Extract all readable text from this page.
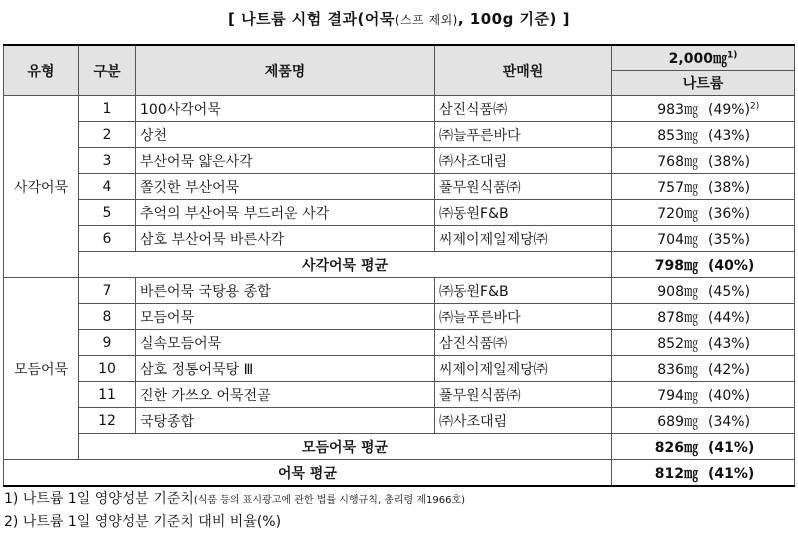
[ 나트륨 시험 결과(어묵(스프 제외), 100g 기준) ]
유형	구분	제품명	판매원	2,000㎎$^{1)}$
				나트륨
사각어묵	1	100사각어묵	삼진식품㈜	983㎎ $(49\%)^{2)}$
	2	상천	㈜늘푸른바다	853㎎ (43%)
	3	부산어묵 얇은사각	㈜사조대림	768㎎ (38%)
	4	쫄깃한 부산어묵	풀무원식품㈜	757㎎ (38%)
	5	추억의 부산어묵 부드러운 사각	㈜동원F&B	720㎎ (36%)
	6	삼호 부산어묵 바른사각	씨제이제일제당㈜	704㎎ (35%)
	사각어묵 평균			798㎎ (40%)
모듬어묵	7	바른어묵 국탕용 종합	㈜동원F&B	908㎎ (45%)
	8	모듬어묵	㈜늘푸른바다	878㎎ (44%)
	9	실속모듬어묵	삼진식품㈜	852㎎ (43%)
	10	삼호 정통어묵탕 Ⅲ	씨제이제일제당㈜	836㎎ (42%)
	11	진한 가쓰오 어묵전골	풀무원식품㈜	794㎎ (40%)
	12	국탕종합	㈜사조대림	689㎎ (34%)
	모듬어묵 평균			826㎎ (41%)
어묵 평균				812㎎ (41%)
1) 나트륨 1일 영양성분 기준치(식품 등의 표시광고에 관한 법률 시행규칙, 총리령 제1966호)
2) 나트륨 1일 영양성분 기준치 대비 비율(%)
